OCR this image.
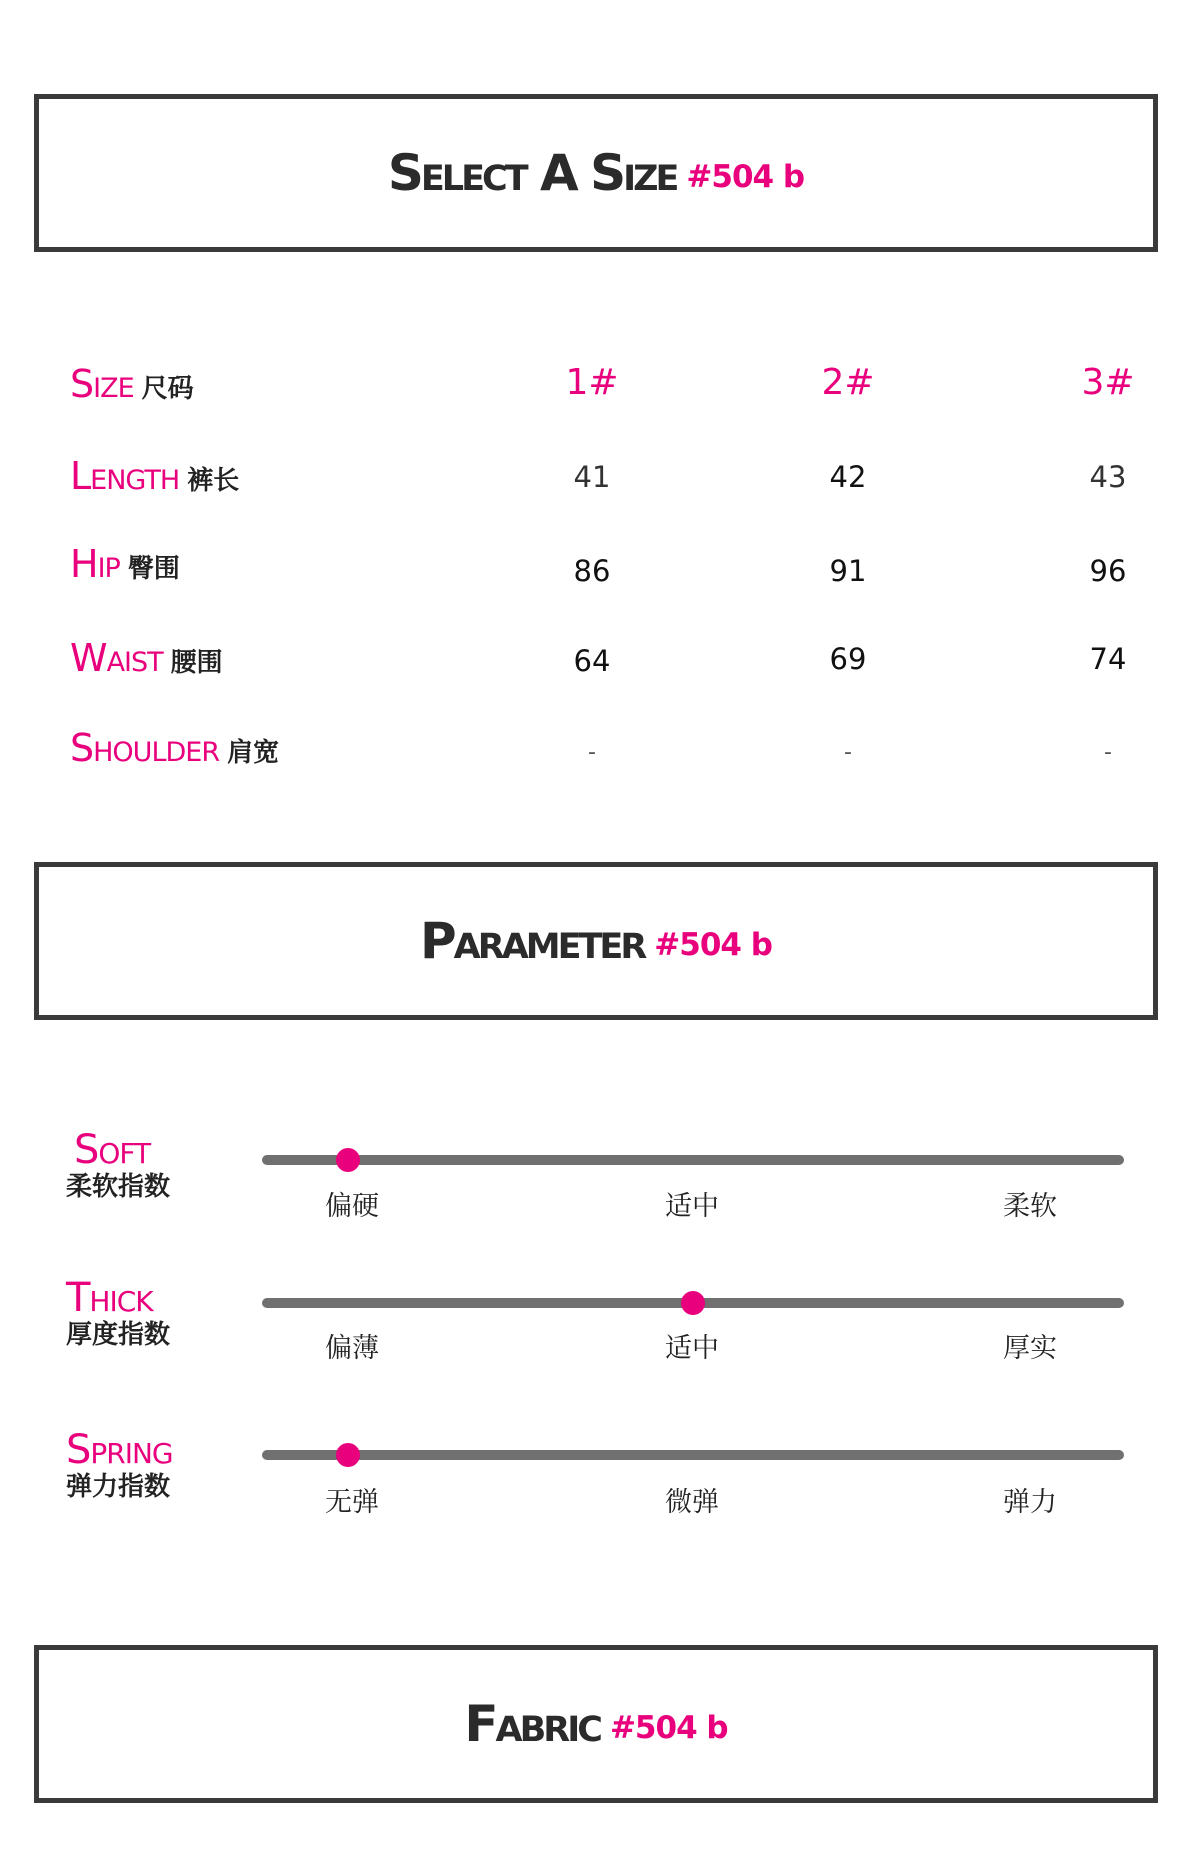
Select A Size #504 b
Size 尺码	1#	2#	3#
Length 裤长	41	42	43
Hip 臀围	86	91	96
Waist 腰围	64	69	74
Shoulder 肩宽	-	-	-
Parameter #504 b
Soft
柔软指数
偏硬	适中	柔软
Thick
厚度指数	偏薄	适中	厚实
Spring
弹力指数	无弹	微弹	弹力
Fabric #504 b
